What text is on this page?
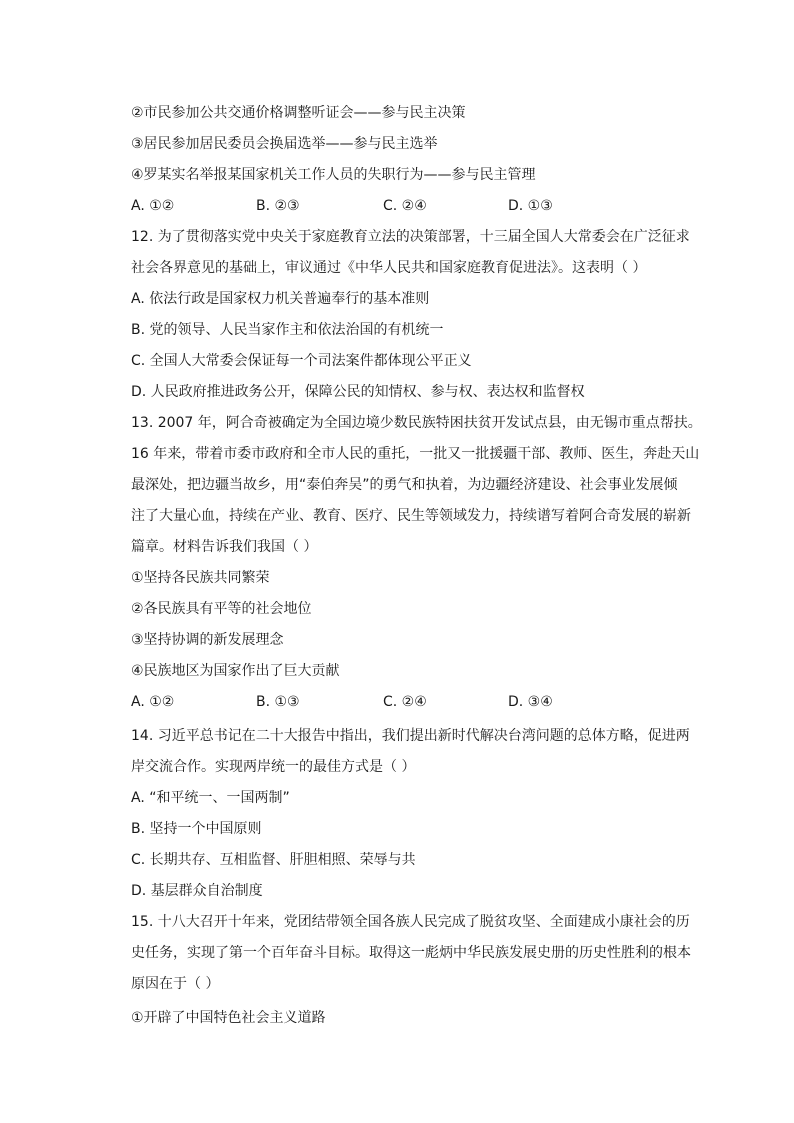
②市民参加公共交通价格调整听证会——参与民主决策
③居民参加居民委员会换届选举——参与民主选举
④罗某实名举报某国家机关工作人员的失职行为——参与民主管理
A. ①②	B. ②③	C. ②④	D. ①③
12. 为了贯彻落实党中央关于家庭教育立法的决策部署，十三届全国人大常委会在广泛征求
社会各界意见的基础上，审议通过《中华人民共和国家庭教育促进法》。这表明（ ）
A. 依法行政是国家权力机关普遍奉行的基本准则
B. 党的领导、人民当家作主和依法治国的有机统一
C. 全国人大常委会保证每一个司法案件都体现公平正义
D. 人民政府推进政务公开，保障公民的知情权、参与权、表达权和监督权
13. 2007 年，阿合奇被确定为全国边境少数民族特困扶贫开发试点县，由无锡市重点帮扶。
16 年来，带着市委市政府和全市人民的重托，一批又一批援疆干部、教师、医生，奔赴天山
最深处，把边疆当故乡，用“泰伯奔吴”的勇气和执着，为边疆经济建设、社会事业发展倾
注了大量心血，持续在产业、教育、医疗、民生等领域发力，持续谱写着阿合奇发展的崭新
篇章。材料告诉我们我国（ ）
①坚持各民族共同繁荣
②各民族具有平等的社会地位
③坚持协调的新发展理念
④民族地区为国家作出了巨大贡献
A. ①②	B. ①③	C. ②④	D. ③④
14. 习近平总书记在二十大报告中指出，我们提出新时代解决台湾问题的总体方略，促进两
岸交流合作。实现两岸统一的最佳方式是（ ）
A. “和平统一、一国两制”
B. 坚持一个中国原则
C. 长期共存、互相监督、肝胆相照、荣辱与共
D. 基层群众自治制度
15. 十八大召开十年来，党团结带领全国各族人民完成了脱贫攻坚、全面建成小康社会的历
史任务，实现了第一个百年奋斗目标。取得这一彪炳中华民族发展史册的历史性胜利的根本
原因在于（ ）
①开辟了中国特色社会主义道路
